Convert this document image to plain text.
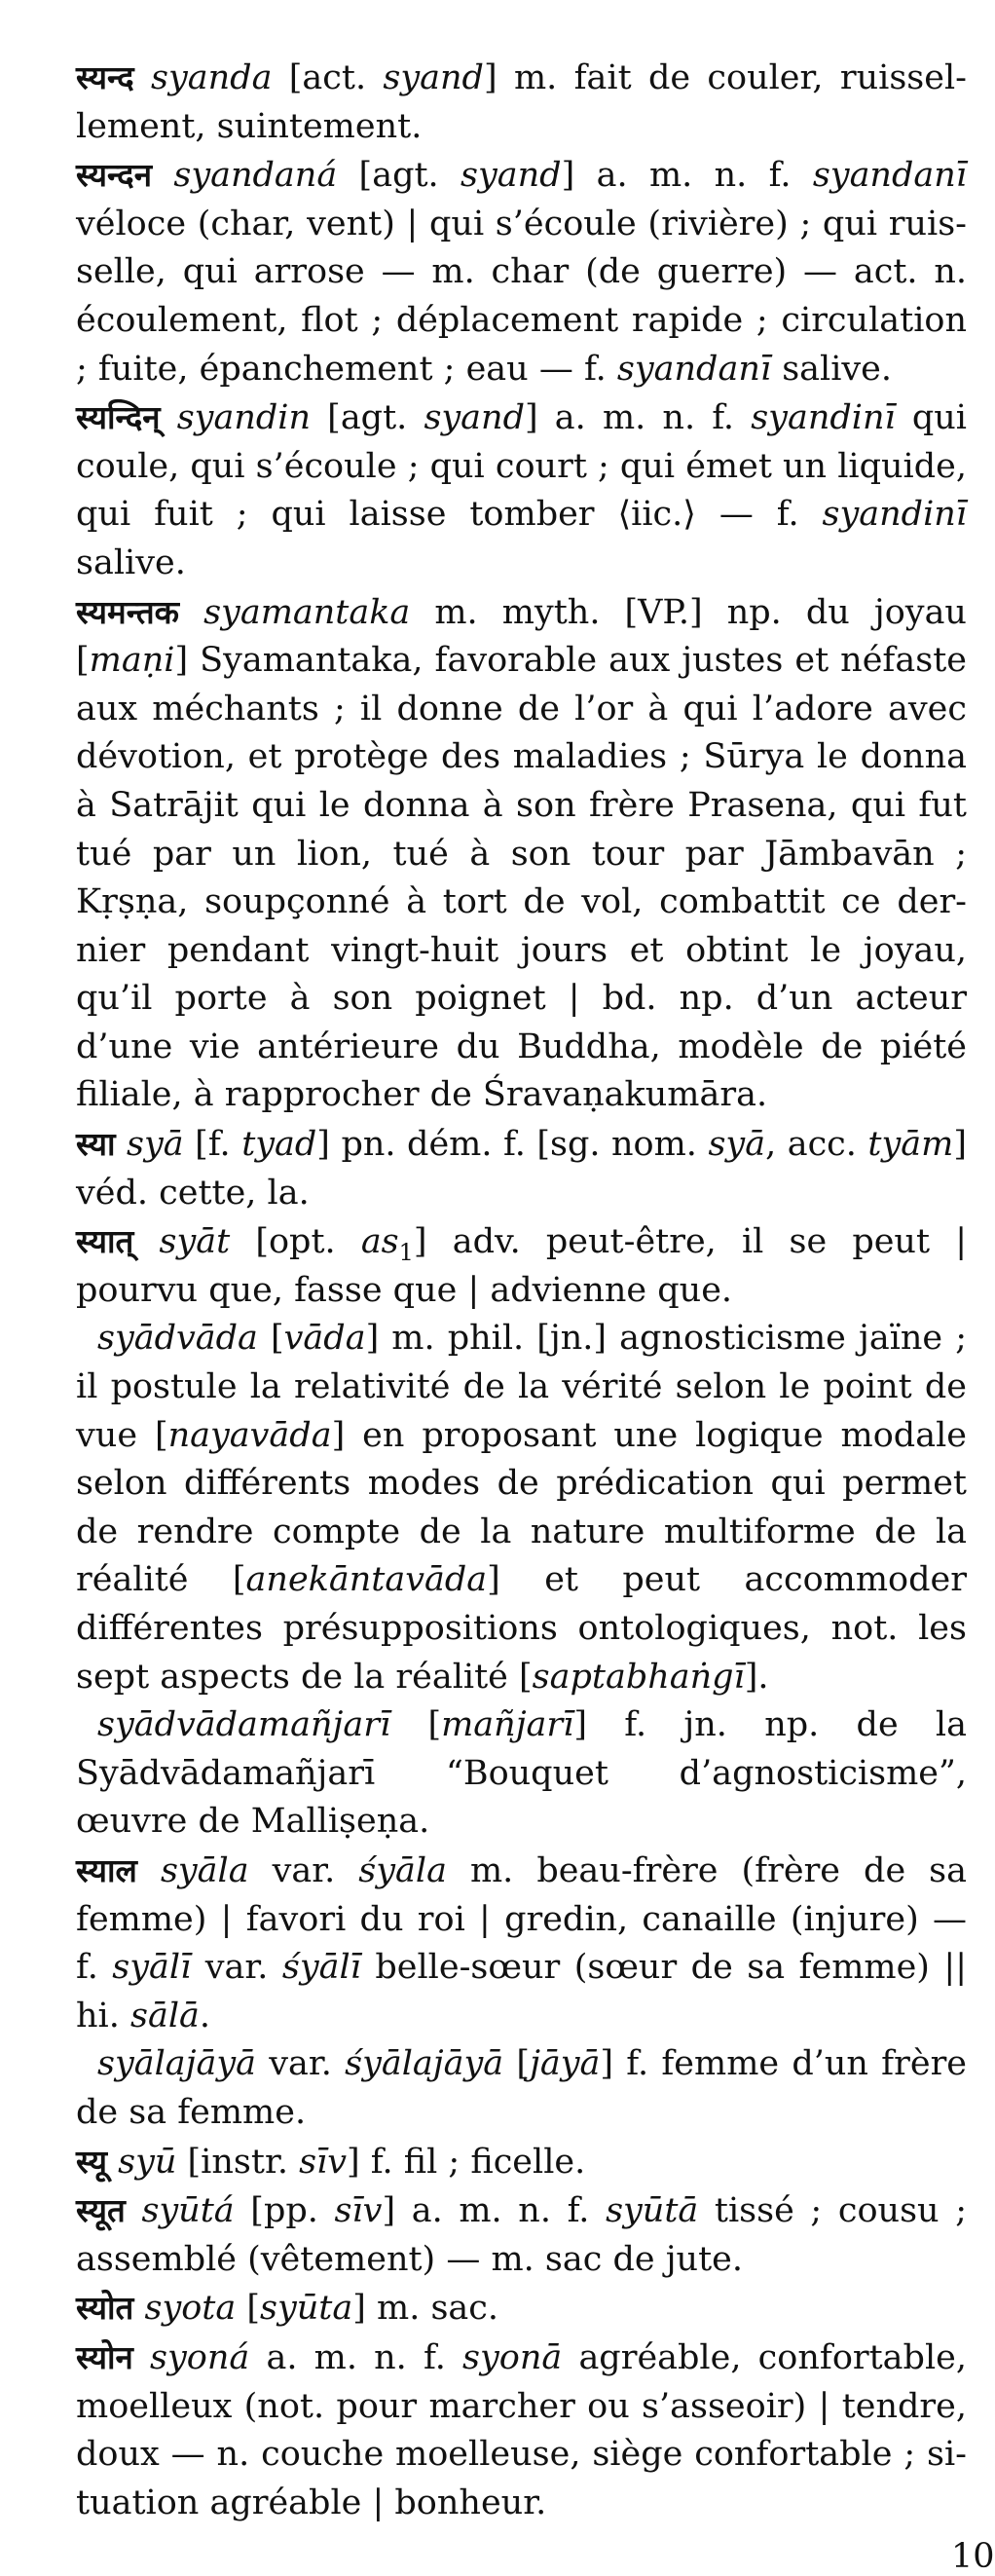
स्यन्द syanda [act. syand] m. fait de couler, ruissellement, suintement.

स्यन्दन syandaná [agt. syand] a. m. n. f. syandanī véloce (char, vent) | qui s’écoule (rivière) ; qui ruisselle, qui arrose — m. char (de guerre) — act. n. écoulement, flot ; déplacement rapide ; circulation ; fuite, épanchement ; eau — f. syandanī salive.

स्यन्दिन् syandin [agt. syand] a. m. n. f. syandinī qui coule, qui s’écoule ; qui court ; qui émet un liquide, qui fuit ; qui laisse tomber ⟨iic.⟩ — f. syandinī salive.

स्यमन्तक syamantaka m. myth. [VP.] np. du joyau [maṇi] Syamantaka, favorable aux justes et néfaste aux méchants ; il donne de l’or à qui l’adore avec dévotion, et protège des maladies ; Sūrya le donna à Satrājit qui le donna à son frère Prasena, qui fut tué par un lion, tué à son tour par Jāmbavān ; Kṛṣṇa, soupçonné à tort de vol, combattit ce dernier pendant vingt-huit jours et obtint le joyau, qu’il porte à son poignet | bd. np. d’un acteur d’une vie antérieure du Buddha, modèle de piété filiale, à rapprocher de Śravaṇakumāra.

स्या syā [f. tyad] pn. dém. f. [sg. nom. syā, acc. tyām] véd. cette, la.

स्यात् syāt [opt. $as_1$] adv. peut-être, il se peut | pourvu que, fasse que | advienne que.

syādvāda [vāda] m. phil. [jn.] agnosticisme jaïne ; il postule la relativité de la vérité selon le point de vue [nayavāda] en proposant une logique modale selon différents modes de prédication qui permet de rendre compte de la nature multiforme de la réalité [anekāntavāda] et peut accommoder différentes présuppositions ontologiques, not. les sept aspects de la réalité [saptabhaṅgī].

syādvādamañjarī [mañjarī] f. jn. np. de la Syādvādamañjarī “Bouquet d’agnosticisme”, œuvre de Malliṣeṇa.

स्याल syāla var. śyāla m. beau-frère (frère de sa femme) | favori du roi | gredin, canaille (injure) — f. syālī var. śyālī belle-sœur (sœur de sa femme) || hi. sālā.

syālajāyā var. śyālajāyā [jāyā] f. femme d’un frère de sa femme.

स्यू syū [instr. sīv] f. fil ; ficelle.

स्यूत syūtá [pp. sīv] a. m. n. f. syūtā tissé ; cousu ; assemblé (vêtement) — m. sac de jute.

स्योत syota [syūta] m. sac.

स्योन syoná a. m. n. f. syonā agréable, confortable, moelleux (not. pour marcher ou s’asseoir) | tendre, doux — n. couche moelleuse, siège confortable ; situation agréable | bonheur.

10
